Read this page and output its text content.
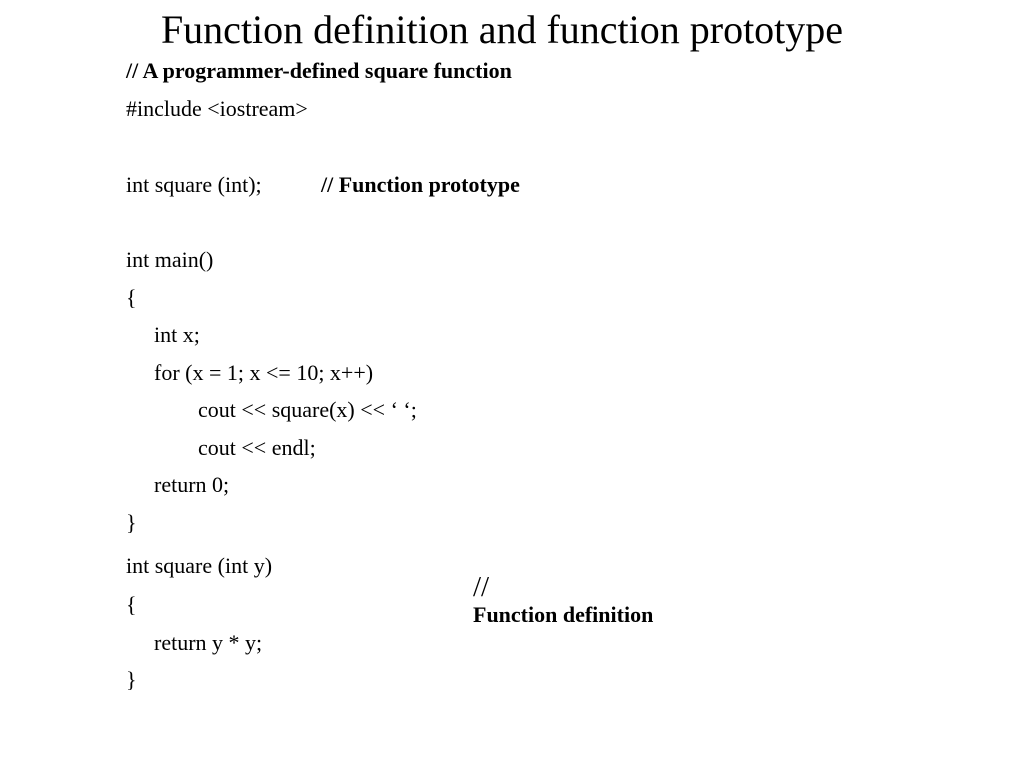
Function definition and function prototype
// A programmer-defined square function
#include <iostream>
int square (int);	// Function prototype
int main()
{
int x;
for (x = 1; x <= 10; x++)
cout << square(x) << ‘ ‘;
cout << endl;
return 0;
}
int square (int y)

//
Function definition

{
return y * y;
}
